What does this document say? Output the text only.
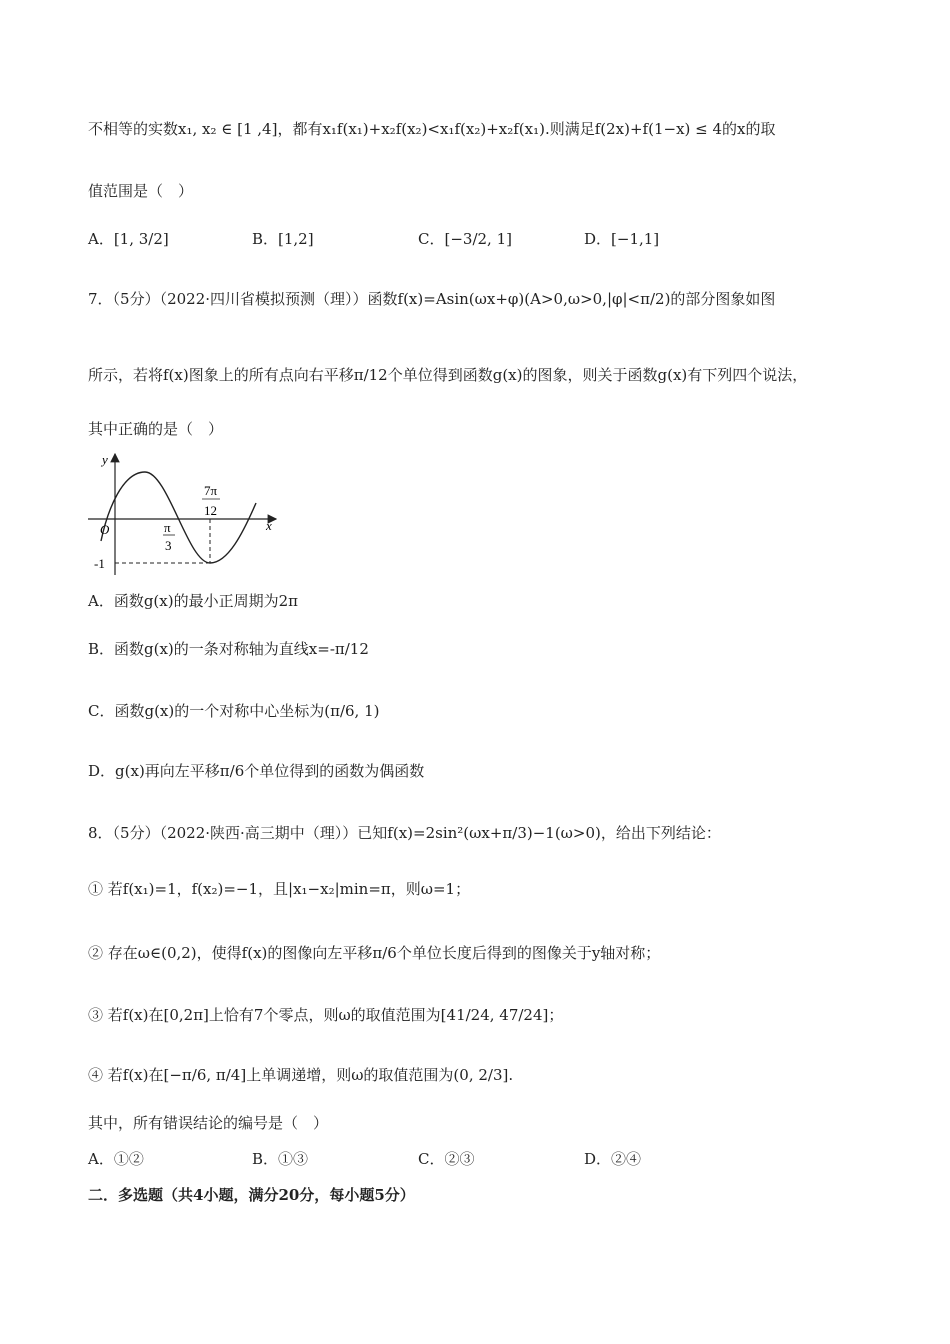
不相等的实数x₁, x₂ ∈ [1 ,4]，都有x₁f(x₁)+x₂f(x₂)<x₁f(x₂)+x₂f(x₁).则满足f(2x)+f(1−x) ≤ 4的x的取
值范围是（　）
A．[1, 3/2]	B．[1,2]	C．[−3/2, 1]	D．[−1,1]
7．（5分）（2022·四川省模拟预测（理））函数f(x)=Asin(ωx+φ)(A>0,ω>0,|φ|<π/2)的部分图象如图
所示，若将f(x)图象上的所有点向右平移π/12个单位得到函数g(x)的图象，则关于函数g(x)有下列四个说法，
其中正确的是（　）
y
x
O	π
3
7π
12
-1
A．函数g(x)的最小正周期为2π
B．函数g(x)的一条对称轴为直线x=-π/12
C．函数g(x)的一个对称中心坐标为(π/6, 1)
D．g(x)再向左平移π/6个单位得到的函数为偶函数
8．（5分）（2022·陕西·高三期中（理））已知f(x)=2sin²(ωx+π/3)−1(ω>0)，给出下列结论：
① 若f(x₁)=1，f(x₂)=−1，且|x₁−x₂|min=π，则ω=1；
② 存在ω∈(0,2)，使得f(x)的图像向左平移π/6个单位长度后得到的图像关于y轴对称；
③ 若f(x)在[0,2π]上恰有7个零点，则ω的取值范围为[41/24, 47/24]；
④ 若f(x)在[−π/6, π/4]上单调递增，则ω的取值范围为(0, 2/3].
其中，所有错误结论的编号是（　）
A．①②	B．①③	C．②③	D．②④
二．多选题（共4小题，满分20分，每小题5分）
